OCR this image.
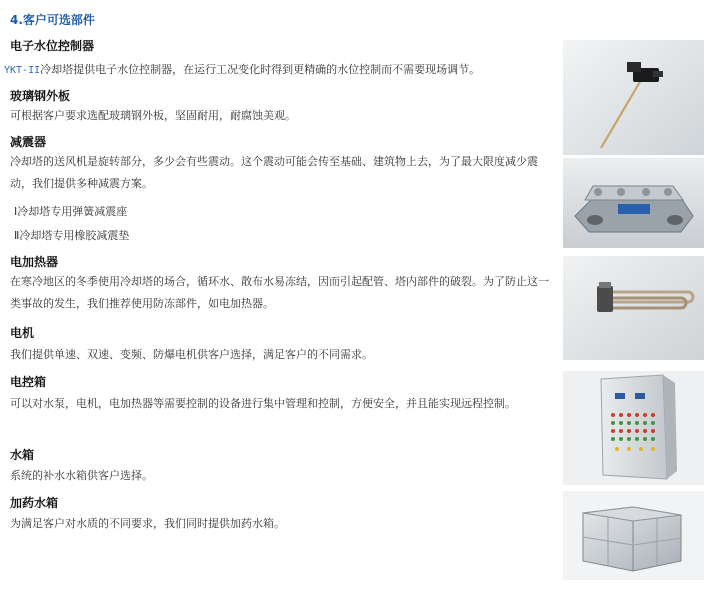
4.客户可选部件
电子水位控制器
YKT-II冷却塔提供电子水位控制器，在运行工况变化时得到更精确的水位控制而不需要现场调节。
玻璃钢外板
可根据客户要求选配玻璃钢外板，坚固耐用，耐腐蚀美观。
减震器
冷却塔的送风机是旋转部分，多少会有些震动。这个震动可能会传至基础、建筑物上去，为了最大限度减少震动，我们提供多种减震方案。
Ⅰ冷却塔专用弹簧减震座
Ⅱ冷却塔专用橡胶减震垫
电加热器
在寒冷地区的冬季使用冷却塔的场合，循环水、散布水易冻结，因而引起配管、塔内部件的破裂。为了防止这一类事故的发生，我们推荐使用防冻部件，如电加热器。
电机
我们提供单速、双速、变频、防爆电机供客户选择，满足客户的不同需求。
电控箱
可以对水泵，电机，电加热器等需要控制的设备进行集中管理和控制，方便安全，并且能实现远程控制。
水箱
系统的补水水箱供客户选择。
加药水箱
为满足客户对水质的不同要求，我们同时提供加药水箱。
